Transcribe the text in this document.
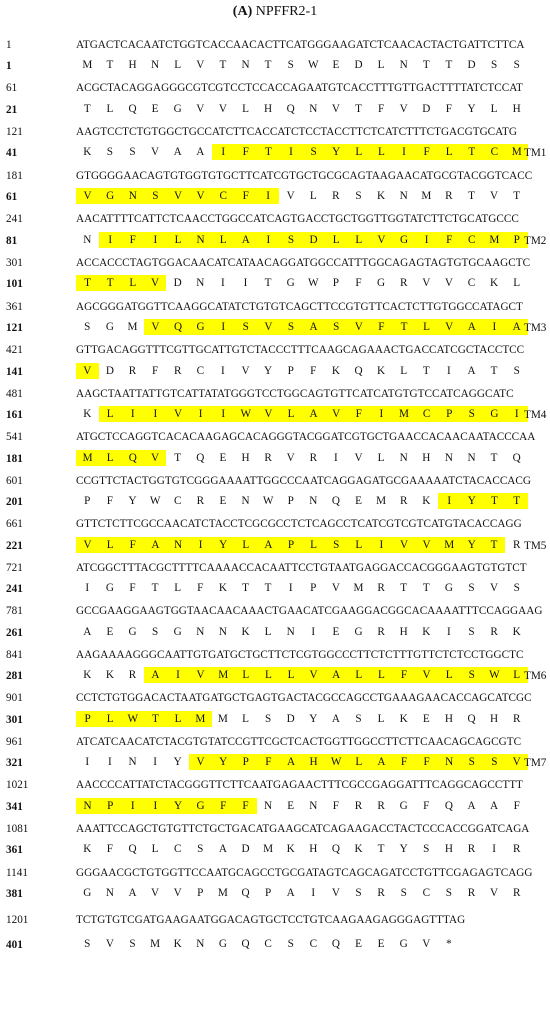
(A) NPFFR2-1
1	ATGACTCACAATCTGGTCACCAACACTTCATGGGAAGATCTCAACACTACTGATTCTTCA
1	M	T	H	N	L	V	T	N	T	S	W	E	D	L	N	T	T	D	S	S
61	ACGCTACAGGAGGGCGTCGTCCTCCACCAGAATGTCACCTTTGTTGACTTTTATCTCCAT
21	T	L	Q	E	G	V	V	L	H	Q	N	V	T	F	V	D	F	Y	L	H
121	AAGTCCTCTGTGGCTGCCATCTTCACCATCTCCTACCTTCTCATCTTTCTGACGTGCATG
41	K	S	S	V	A	A	I	F	T	I	S	Y	L	L	I	F	L	T	C	M TM1
181	GTGGGGAACAGTGTGGTGTGCTTCATCGTGCTGCGCAGTAAGAACATGCGTACGGTCACC
61	V	G	N	S	V	V	C	F	I	V	L	R	S	K	N	M	R	T	V	T
241	AACATTTTCATTCTCAACCTGGCCATCAGTGACCTGCTGGTTGGTATCTTCTGCATGCCC
81	N	I	F	I	L	N	L	A	I	S	D	L	L	V	G	I	F	C	M	P TM2
301	ACCACCCTAGTGGACAACATCATAACAGGATGGCCATTTGGCAGAGTAGTGTGCAAGCTC
101	T	T	L	V	D	N	I	I	T	G	W	P	F	G	R	V	V	C	K	L
361	AGCGGGATGGTTCAAGGCATATCTGTGTCAGCTTCCGTGTTCACTCTTGTGGCCATAGCT
121	S	G	M	V	Q	G	I	S	V	S	A	S	V	F	T	L	V	A	I	A TM3
421	GTTGACAGGTTTCGTTGCATTGTCTACCCTTTCAAGCAGAAACTGACCATCGCTACCTCC
141	V	D	R	F	R	C	I	V	Y	P	F	K	Q	K	L	T	I	A	T	S
481	AAGCTAATTATTGTCATTATATGGGTCCTGGCAGTGTTCATCATGTGTCCATCAGGCATC
161	K	L	I	I	V	I	I	W	V	L	A	V	F	I	M	C	P	S	G	I TM4
541	ATGCTCCAGGTCACACAAGAGCACAGGGTACGGATCGTGCTGAACCACAACAATACCCAA
181	M	L	Q	V	T	Q	E	H	R	V	R	I	V	L	N	H	N	N	T	Q
601	CCGTTCTACTGGTGTCGGGAAAATTGGCCCAATCAGGAGATGCGAAAAATCTACACCACG
201	P	F	Y	W	C	R	E	N	W	P	N	Q	E	M	R	K	I	Y	T	T
661	GTTCTCTTCGCCAACATCTACCTCGCGCCTCTCAGCCTCATCGTCGTCATGTACACCAGG
221	V	L	F	A	N	I	Y	L	A	P	L	S	L	I	V	V	M	Y	T	R TM5
721	ATCGGCTTTACGCTTTTCAAAACCACAATTCCTGTAATGAGGACCACGGGAAGTGTGTCT
241	I	G	F	T	L	F	K	T	T	I	P	V	M	R	T	T	G	S	V	S
781	GCCGAAGGAAGTGGTAACAACAAACTGAACATCGAAGGACGGCACAAAATTTCCAGGAAG
261	A	E	G	S	G	N	N	K	L	N	I	E	G	R	H	K	I	S	R	K
841	AAGAAAAGGGCAATTGTGATGCTGCTTCTCGTGGCCCTTCTCTTTGTTCTCTCCTGGCTC
281	K	K	R	A	I	V	M	L	L	L	V	A	L	L	F	V	L	S	W	L TM6
901	CCTCTGTGGACACTAATGATGCTGAGTGACTACGCCAGCCTGAAAGAACACCAGCATCGC
301	P	L	W	T	L	M	M	L	S	D	Y	A	S	L	K	E	H	Q	H	R
961	ATCATCAACATCTACGTGTATCCGTTCGCTCACTGGTTGGCCTTCTTCAACAGCAGCGTC
321	I	I	N	I	Y	V	Y	P	F	A	H	W	L	A	F	F	N	S	S	V TM7
1021	AACCCCATTATCTACGGGTTCTTCAATGAGAACTTTCGCCGAGGATTTCAGGCAGCCTTT
341	N	P	I	I	Y	G	F	F	N	E	N	F	R	R	G	F	Q	A	A	F
1081	AAATTCCAGCTGTGTTCTGCTGACATGAAGCATCAGAAGACCTACTCCCACCGGATCAGA
361	K	F	Q	L	C	S	A	D	M	K	H	Q	K	T	Y	S	H	R	I	R
1141	GGGAACGCTGTGGTTCCAATGCAGCCTGCGATAGTCAGCAGATCCTGTTCGAGAGTCAGG
381	G	N	A	V	V	P	M	Q	P	A	I	V	S	R	S	C	S	R	V	R
1201	TCTGTGTCGATGAAGAATGGACAGTGCTCCTGTCAAGAAGAGGGAGTTTAG
401	S	V	S	M	K	N	G	Q	C	S	C	Q	E	E	G	V	*
